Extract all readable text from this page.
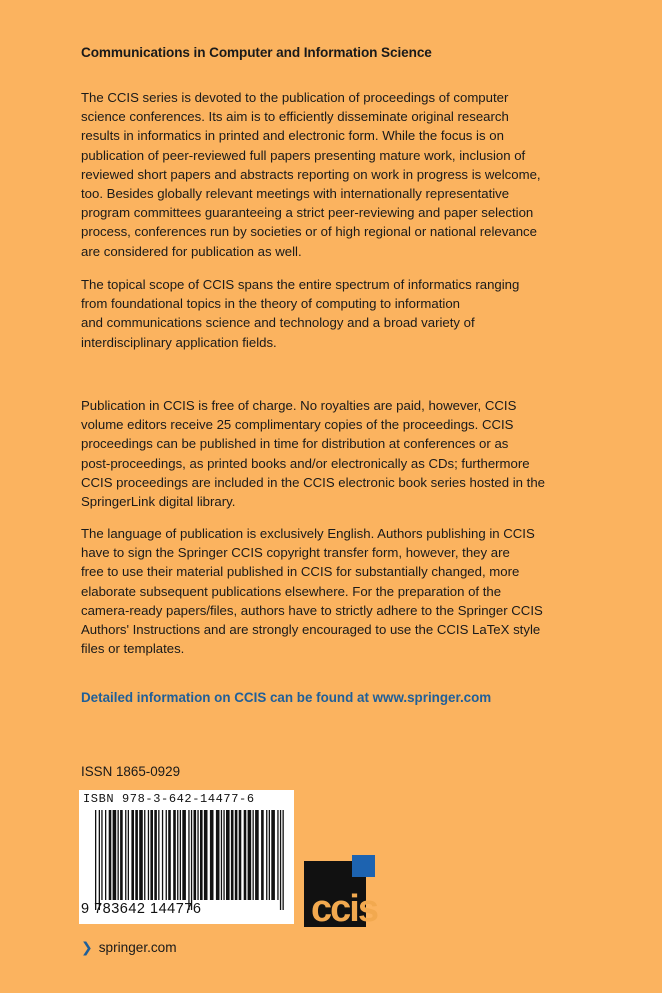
Communications in Computer and Information Science

The CCIS series is devoted to the publication of proceedings of computer
science conferences. Its aim is to efficiently disseminate original research
results in informatics in printed and electronic form. While the focus is on
publication of peer-reviewed full papers presenting mature work, inclusion of
reviewed short papers and abstracts reporting on work in progress is welcome,
too. Besides globally relevant meetings with internationally representative
program committees guaranteeing a strict peer-reviewing and paper selection
process, conferences run by societies or of high regional or national relevance
are considered for publication as well.

The topical scope of CCIS spans the entire spectrum of informatics ranging
from foundational topics in the theory of computing to information
and communications science and technology and a broad variety of
interdisciplinary application fields.

Publication in CCIS is free of charge. No royalties are paid, however, CCIS
volume editors receive 25 complimentary copies of the proceedings. CCIS
proceedings can be published in time for distribution at conferences or as
post-proceedings, as printed books and/or electronically as CDs; furthermore
CCIS proceedings are included in the CCIS electronic book series hosted in the
SpringerLink digital library.

The language of publication is exclusively English. Authors publishing in CCIS
have to sign the Springer CCIS copyright transfer form, however, they are
free to use their material published in CCIS for substantially changed, more
elaborate subsequent publications elsewhere. For the preparation of the
camera-ready papers/files, authors have to strictly adhere to the Springer CCIS
Authors' Instructions and are strongly encouraged to use the CCIS LaTeX style
files or templates.

Detailed information on CCIS can be found at www.springer.com
ISSN 1865-0929
ISBN 978-3-642-14477-6
9 783642 144776	ccis
❯ springer.com
